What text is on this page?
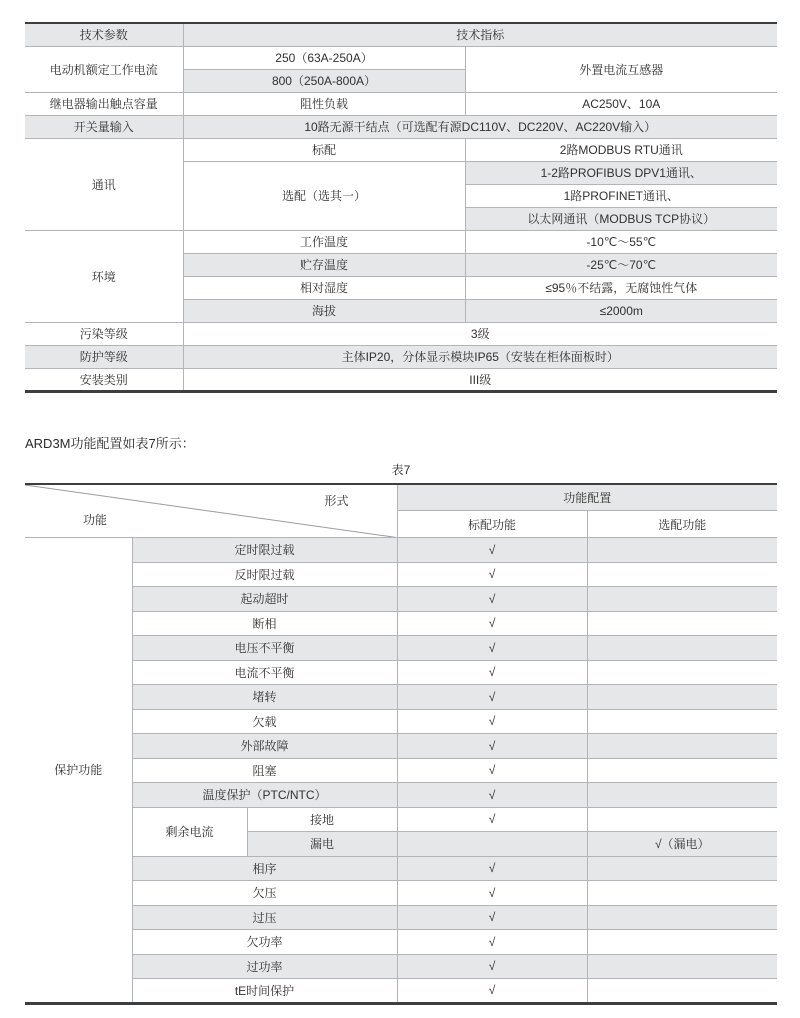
技术参数	技术指标	
电动机额定工作电流	250（63A-250A）	外置电流互感器
	800（250A-800A）	
继电器输出触点容量	阻性负载	AC250V、10A
开关量输入	10路无源干结点（可选配有源DC110V、DC220V、AC220V输入）	
通讯	标配	2路MODBUS RTU通讯
	选配（选其一）	1-2路PROFIBUS DPV1通讯、
		1路PROFINET通讯、
		以太网通讯（MODBUS TCP协议）
环境	工作温度	-10℃～55℃
	贮存温度	-25℃～70℃
	相对湿度	≤95％不结露，无腐蚀性气体
	海拔	≤2000m
污染等级	3级	
防护等级	主体IP20，分体显示模块IP65（安装在柜体面板时）	
安装类别	III级	

ARD3M功能配置如表7所示：

表7
形式
功能			功能配置	
			标配功能	选配功能
保护功能	定时限过载		√	
	反时限过载		√	
	起动超时		√	
	断相		√	
	电压不平衡		√	
	电流不平衡		√	
	堵转		√	
	欠载		√	
	外部故障		√	
	阻塞		√	
	温度保护（PTC/NTC）		√	
	剩余电流	接地	√	
		漏电		√（漏电）
	相序		√	
	欠压		√	
	过压		√	
	欠功率		√	
	过功率		√	
	tE时间保护		√	
